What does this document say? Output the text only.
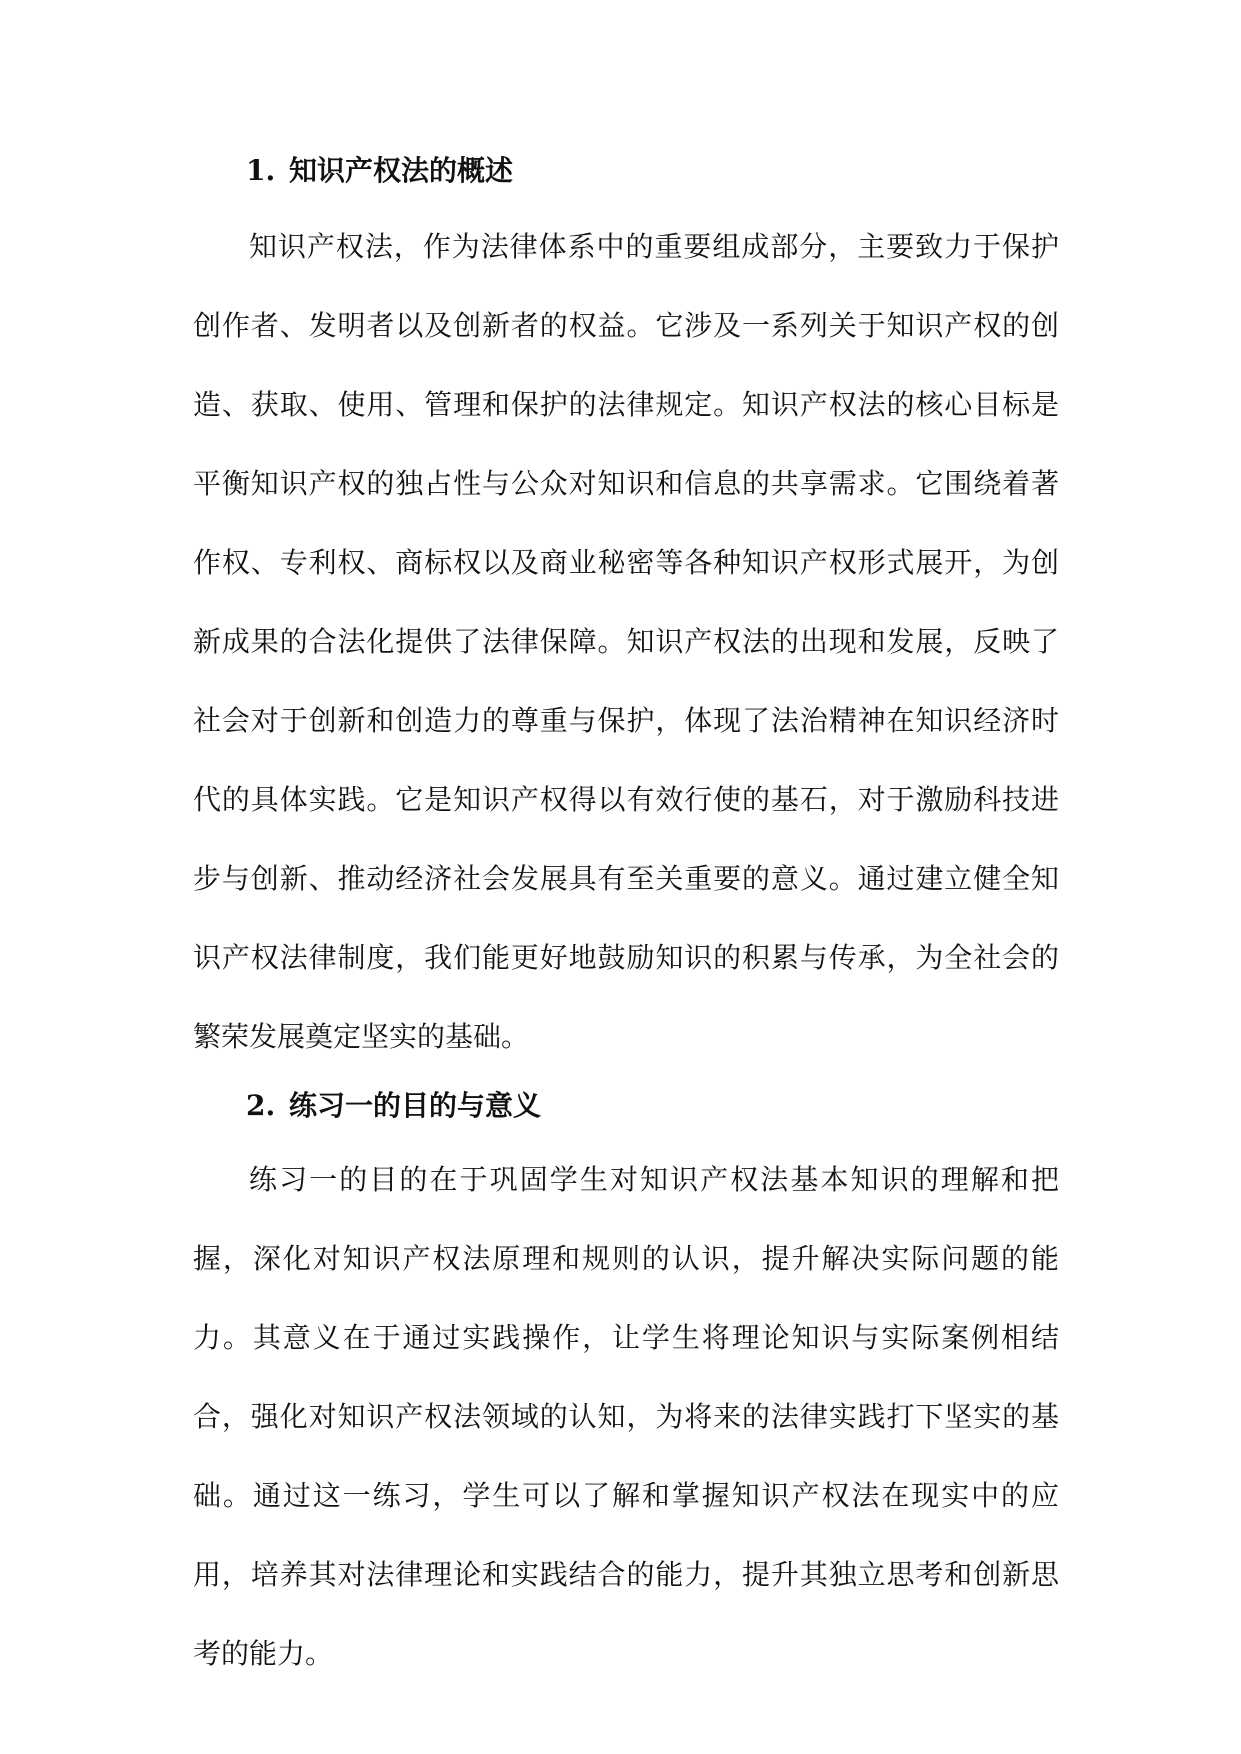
1. 知识产权法的概述

知识产权法，作为法律体系中的重要组成部分，主要致力于保护创作者、发明者以及创新者的权益。它涉及一系列关于知识产权的创造、获取、使用、管理和保护的法律规定。知识产权法的核心目标是平衡知识产权的独占性与公众对知识和信息的共享需求。它围绕着著作权、专利权、商标权以及商业秘密等各种知识产权形式展开，为创新成果的合法化提供了法律保障。知识产权法的出现和发展，反映了社会对于创新和创造力的尊重与保护，体现了法治精神在知识经济时代的具体实践。它是知识产权得以有效行使的基石，对于激励科技进步与创新、推动经济社会发展具有至关重要的意义。通过建立健全知识产权法律制度，我们能更好地鼓励知识的积累与传承，为全社会的繁荣发展奠定坚实的基础。

2. 练习一的目的与意义

练习一的目的在于巩固学生对知识产权法基本知识的理解和把握，深化对知识产权法原理和规则的认识，提升解决实际问题的能力。其意义在于通过实践操作，让学生将理论知识与实际案例相结合，强化对知识产权法领域的认知，为将来的法律实践打下坚实的基础。通过这一练习，学生可以了解和掌握知识产权法在现实中的应用，培养其对法律理论和实践结合的能力，提升其独立思考和创新思考的能力。
